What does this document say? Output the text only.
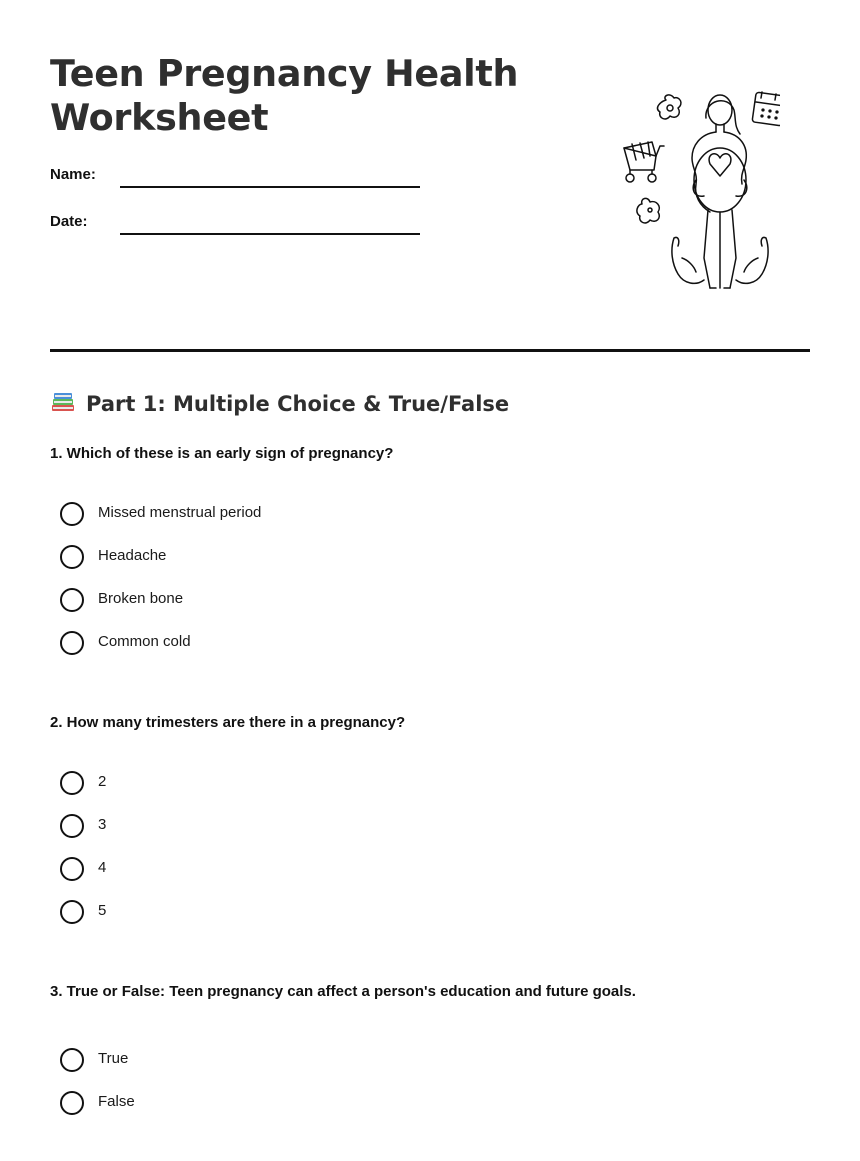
Teen Pregnancy Health Worksheet
Name:
Date:
Part 1: Multiple Choice & True/False

1. Which of these is an early sign of pregnancy?

Missed menstrual period
Headache
Broken bone
Common cold

2. How many trimesters are there in a pregnancy?

2
3
4
5

3. True or False: Teen pregnancy can affect a person's education and future goals.

True
False
